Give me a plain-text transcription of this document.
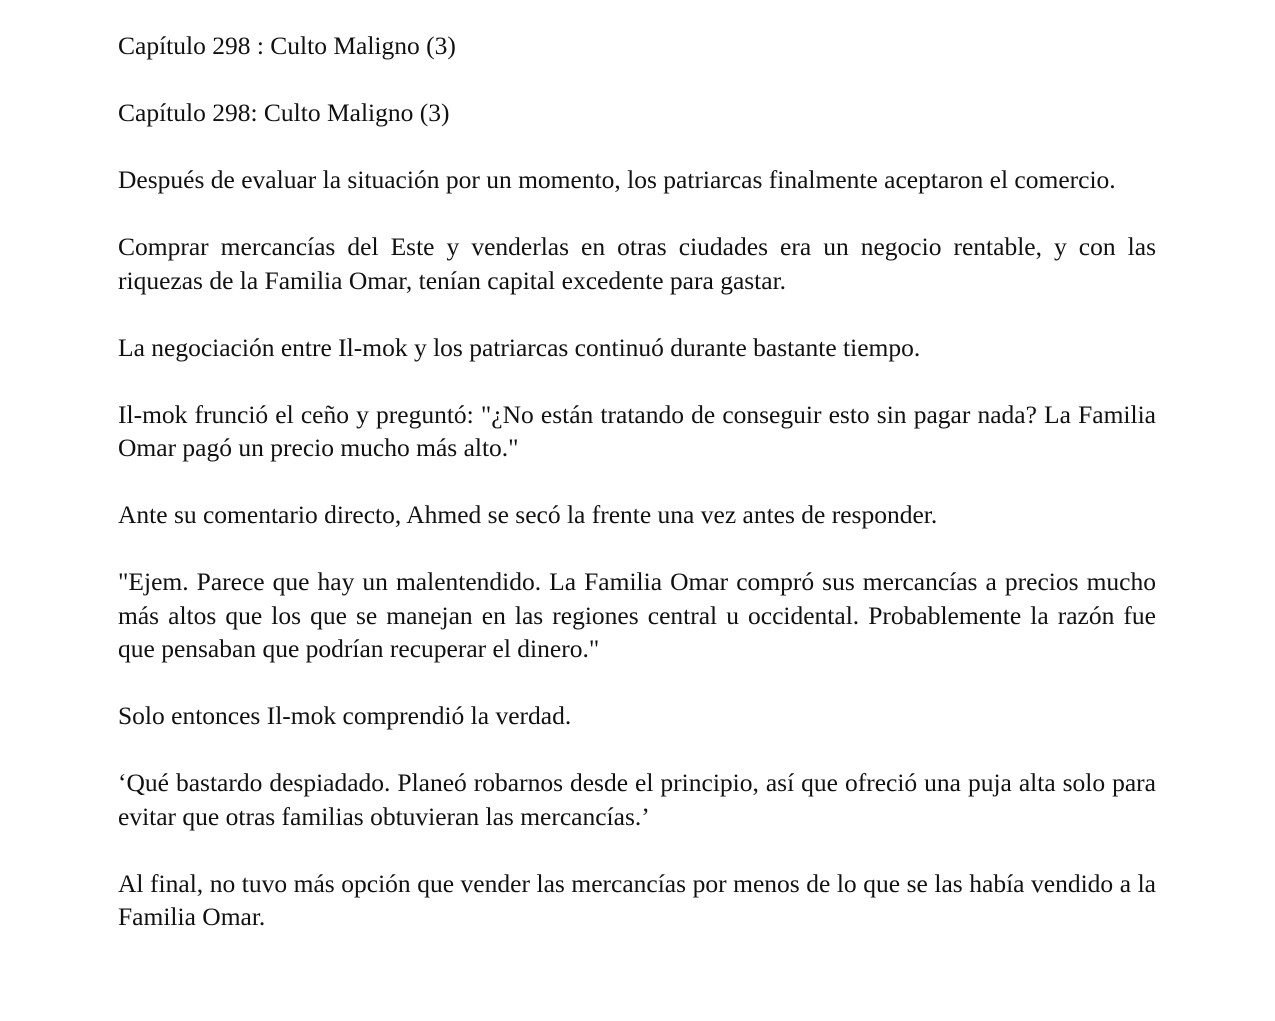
Capítulo 298 : Culto Maligno (3)

Capítulo 298: Culto Maligno (3)

Después de evaluar la situación por un momento, los patriarcas finalmente aceptaron el comercio.

Comprar mercancías del Este y venderlas en otras ciudades era un negocio rentable, y con las riquezas de la Familia Omar, tenían capital excedente para gastar.

La negociación entre Il-mok y los patriarcas continuó durante bastante tiempo.

Il-mok frunció el ceño y preguntó: "¿No están tratando de conseguir esto sin pagar nada? La Familia Omar pagó un precio mucho más alto."

Ante su comentario directo, Ahmed se secó la frente una vez antes de responder.

"Ejem. Parece que hay un malentendido. La Familia Omar compró sus mercancías a precios mucho más altos que los que se manejan en las regiones central u occidental. Probablemente la razón fue que pensaban que podrían recuperar el dinero."

Solo entonces Il-mok comprendió la verdad.

‘Qué bastardo despiadado. Planeó robarnos desde el principio, así que ofreció una puja alta solo para evitar que otras familias obtuvieran las mercancías.’

Al final, no tuvo más opción que vender las mercancías por menos de lo que se las había vendido a la Familia Omar.
